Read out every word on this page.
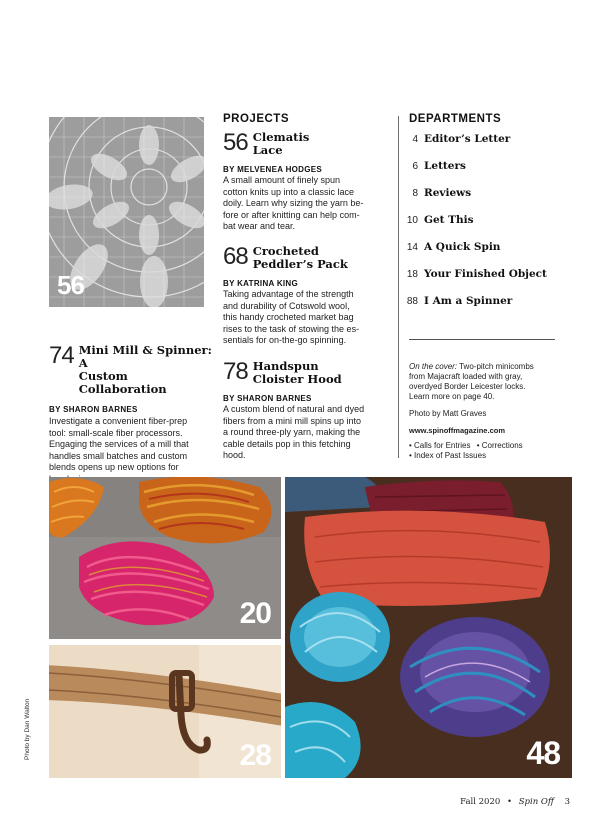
56
74 Mini Mill & Spinner: A
Custom Collaboration
BY SHARON BARNES
Investigate a convenient fiber-prep
tool: small-scale fiber processors.
Engaging the services of a mill that
handles small batches and custom
blends opens up new options for
PROJECTS
56 Clematis
Lace
BY MELVENEA HODGES
A small amount of finely spun
cotton knits up into a classic lace
doily. Learn why sizing the yarn be-
fore or after knitting can help com-
bat wear and tear.
68 Crocheted
Peddler’s Pack
BY KATRINA KING
Taking advantage of the strength
and durability of Cotswold wool,
this handy crocheted market bag
rises to the task of stowing the es-
sentials for on-the-go spinning.
78 Handspun
Cloister Hood
BY SHARON BARNES
A custom blend of natural and dyed
fibers from a mini mill spins up into
a round three-ply yarn, making the
cable details pop in this fetching
hood.
DEPARTMENTS
4 Editor’s Letter
6 Letters
8 Reviews
10 Get This
14 A Quick Spin
18 Your Finished Object
88 I Am a Spinner
On the cover: Two-pitch minicombs
from Majacraft loaded with gray,
overdyed Border Leicester locks.
Learn more on page 40.
Photo by Matt Graves
www.spinoffmagazine.com
• Calls for Entries • Corrections
• Index of Past Issues
20
28	48
Photo by Dan Walton
Fall 2020 • Spin Off 3
